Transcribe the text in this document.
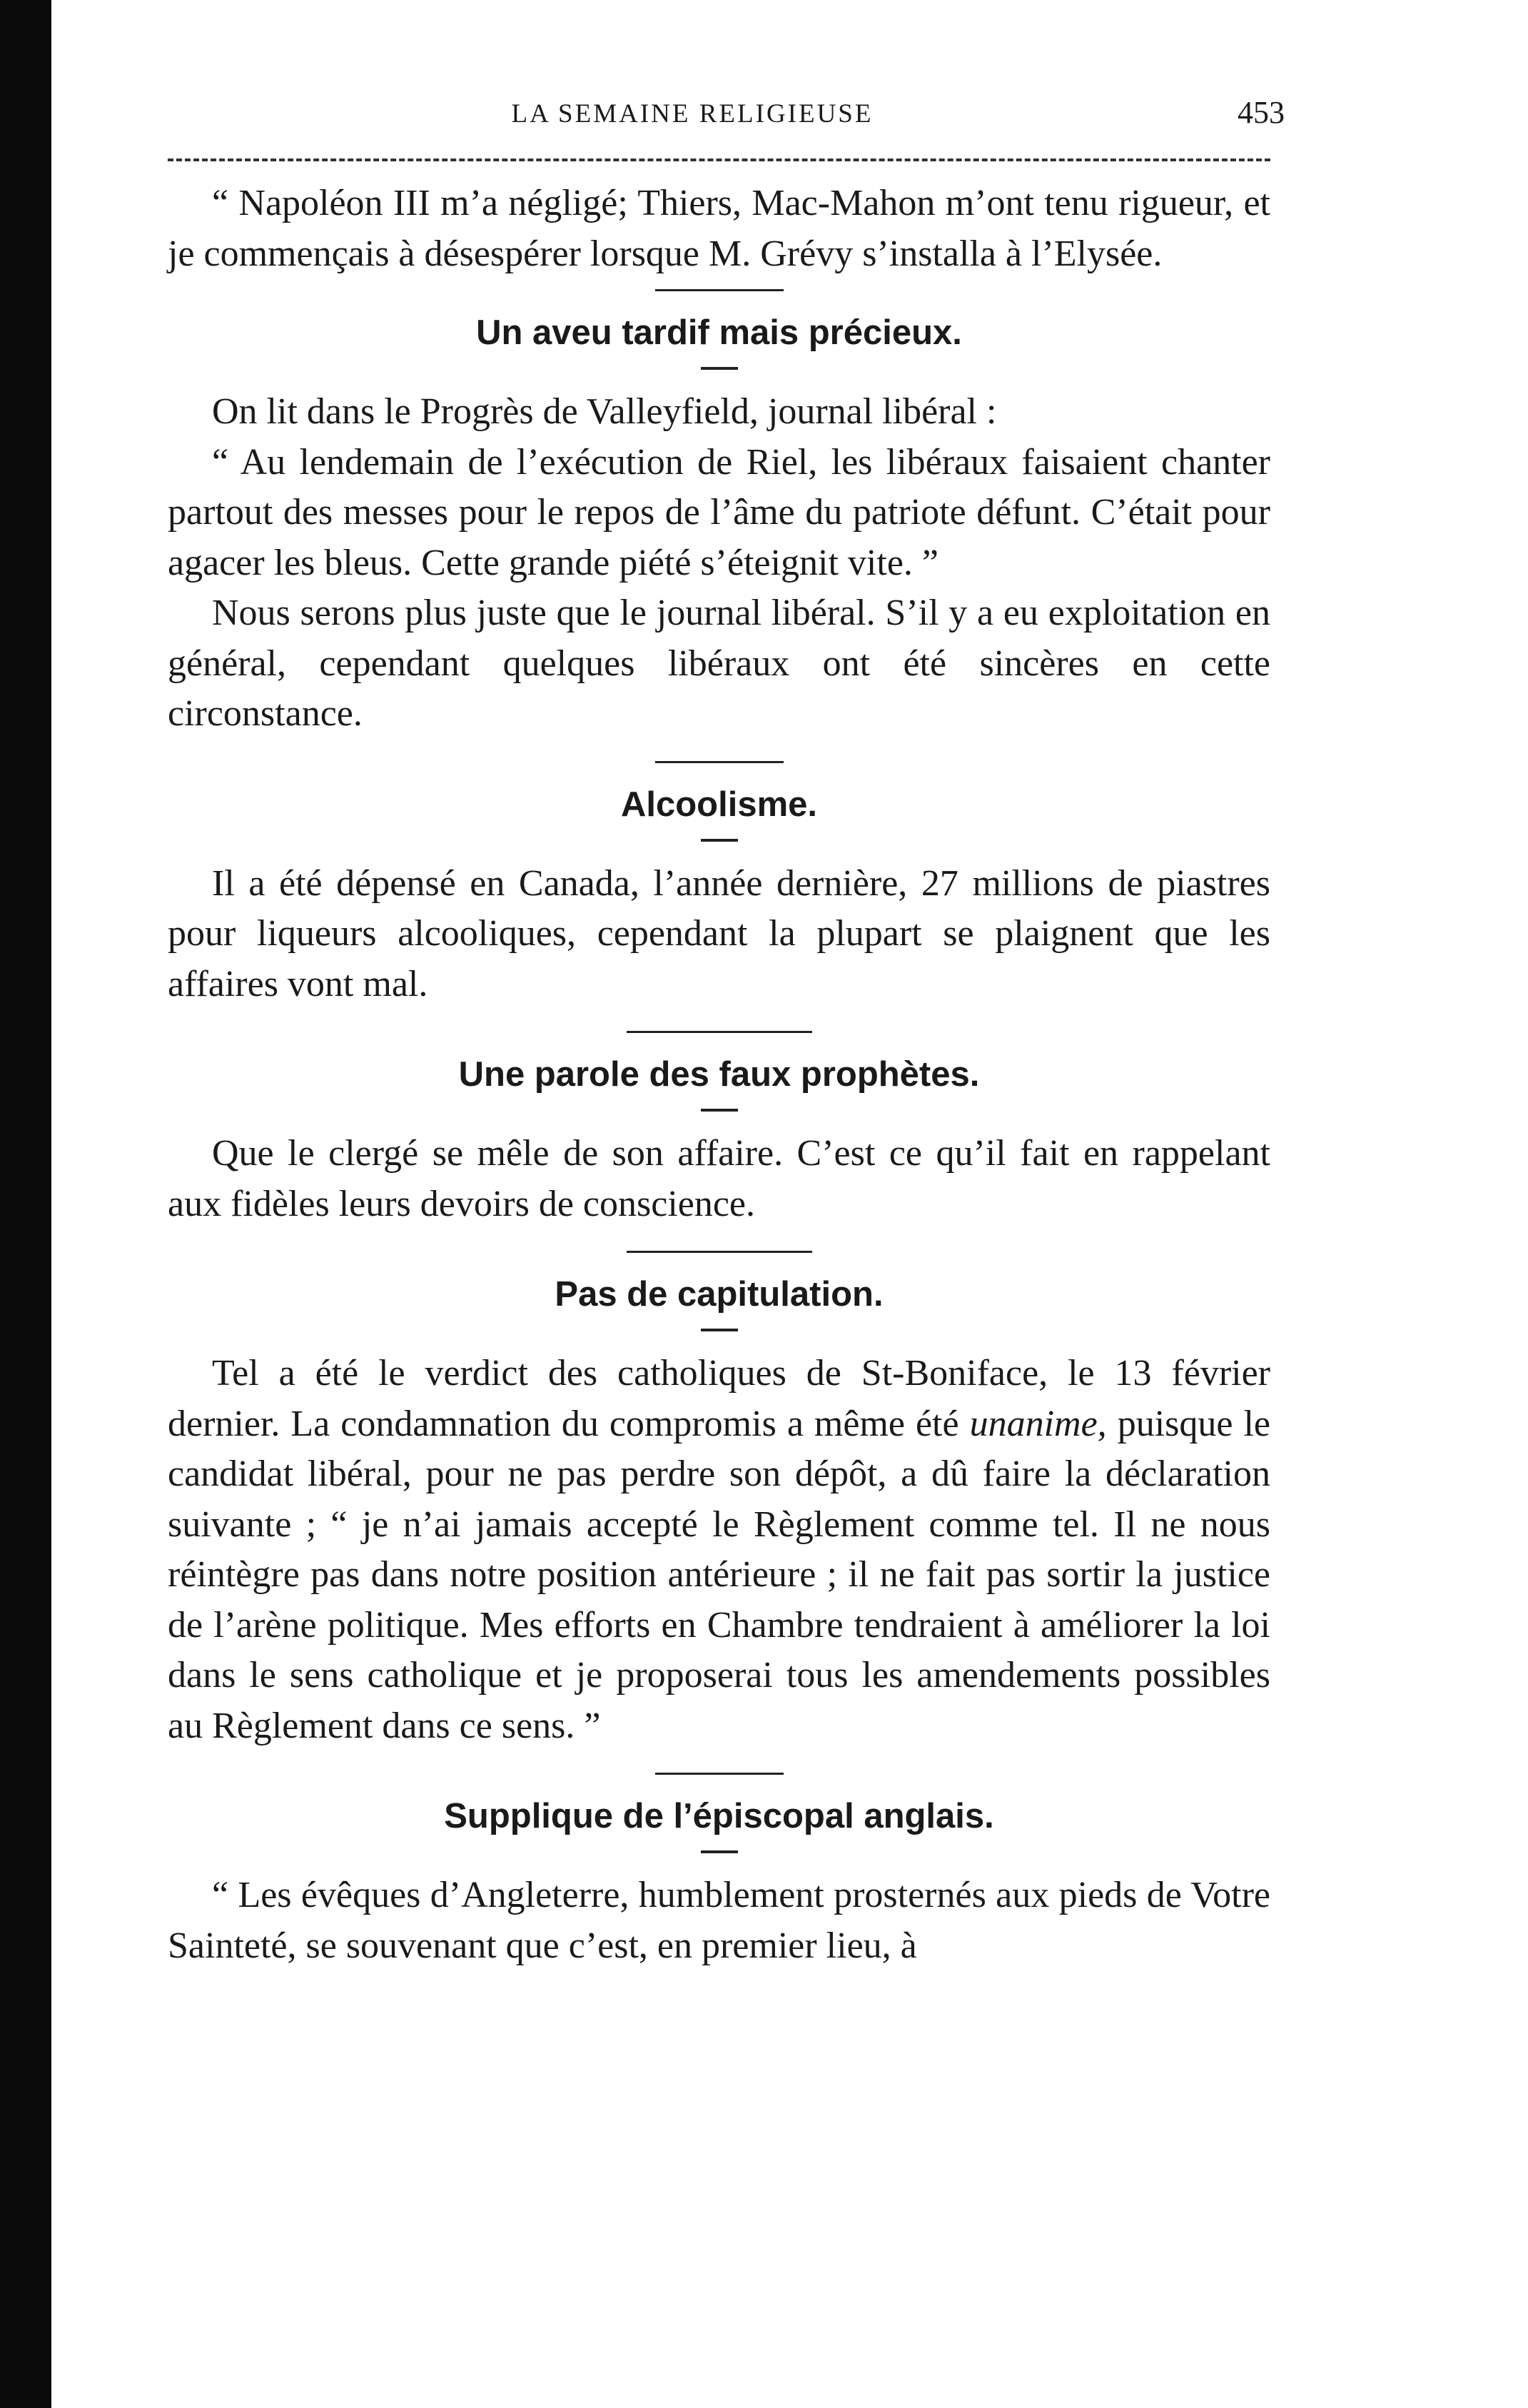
LA SEMAINE RELIGIEUSE	453

“ Napoléon III m’a négligé; Thiers, Mac-Mahon m’ont tenu rigueur, et je commençais à désespérer lorsque M. Grévy s’installa à l’Elysée.

Un aveu tardif mais précieux.

On lit dans le Progrès de Valleyfield, journal libéral :

“ Au lendemain de l’exécution de Riel, les libéraux faisaient chanter partout des messes pour le repos de l’âme du patriote défunt. C’était pour agacer les bleus. Cette grande piété s’éteignit vite. ”

Nous serons plus juste que le journal libéral. S’il y a eu exploitation en général, cependant quelques libéraux ont été sincères en cette circonstance.

Alcoolisme.

Il a été dépensé en Canada, l’année dernière, 27 millions de piastres pour liqueurs alcooliques, cependant la plupart se plaignent que les affaires vont mal.

Une parole des faux prophètes.

Que le clergé se mêle de son affaire. C’est ce qu’il fait en rappelant aux fidèles leurs devoirs de conscience.

Pas de capitulation.

Tel a été le verdict des catholiques de St-Boniface, le 13 février dernier. La condamnation du compromis a même été unanime, puisque le candidat libéral, pour ne pas perdre son dépôt, a dû faire la déclaration suivante ; “ je n’ai jamais accepté le Règlement comme tel. Il ne nous réintègre pas dans notre position antérieure ; il ne fait pas sortir la justice de l’arène politique. Mes efforts en Chambre tendraient à améliorer la loi dans le sens catholique et je proposerai tous les amendements possibles au Règlement dans ce sens. ”

Supplique de l’épiscopal anglais.

“ Les évêques d’Angleterre, humblement prosternés aux pieds de Votre Sainteté, se souvenant que c’est, en premier lieu, à
